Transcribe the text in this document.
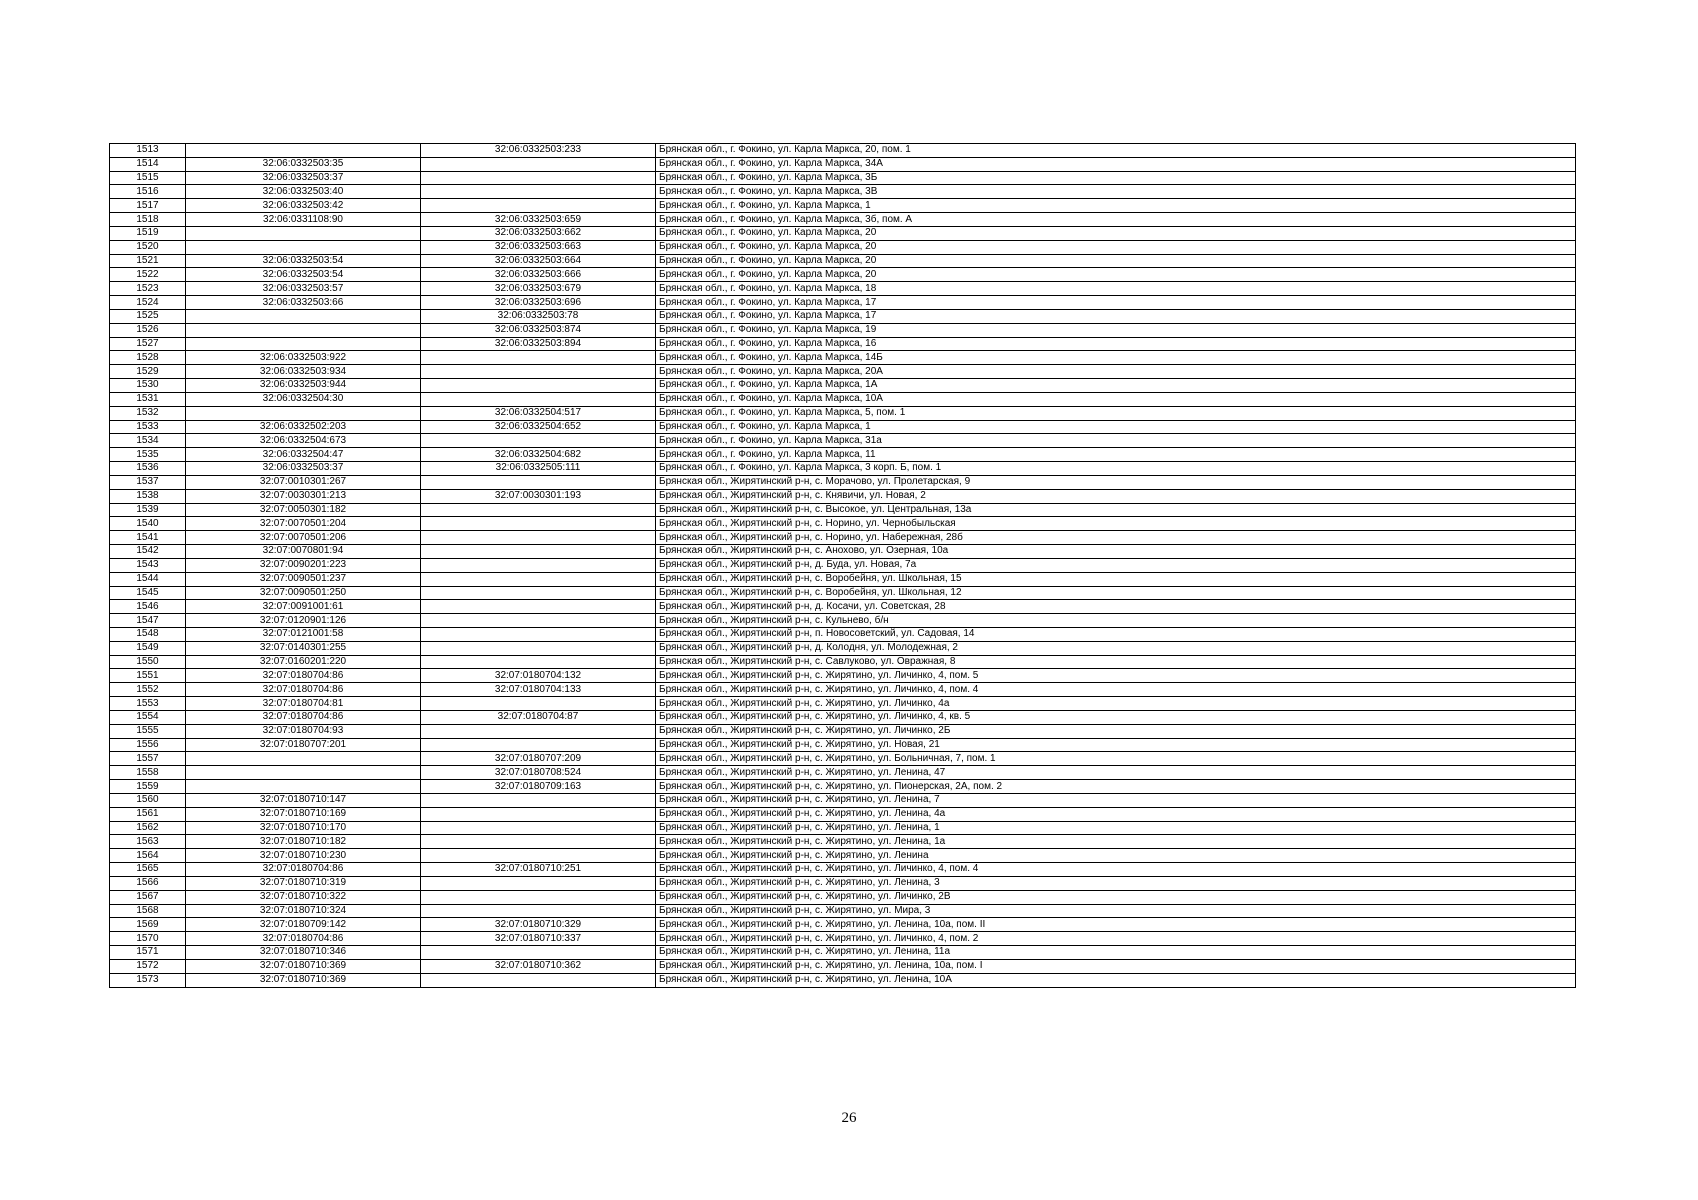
1513		32:06:0332503:233	Брянская обл., г. Фокино, ул. Карла Маркса, 20, пом. 1
1514	32:06:0332503:35		Брянская обл., г. Фокино, ул. Карла Маркса, 34А
1515	32:06:0332503:37		Брянская обл., г. Фокино, ул. Карла Маркса, 3Б
1516	32:06:0332503:40		Брянская обл., г. Фокино, ул. Карла Маркса, 3В
1517	32:06:0332503:42		Брянская обл., г. Фокино, ул. Карла Маркса, 1
1518	32:06:0331108:90	32:06:0332503:659	Брянская обл., г. Фокино, ул. Карла Маркса, 3б, пом. А
1519		32:06:0332503:662	Брянская обл., г. Фокино, ул. Карла Маркса, 20
1520		32:06:0332503:663	Брянская обл., г. Фокино, ул. Карла Маркса, 20
1521	32:06:0332503:54	32:06:0332503:664	Брянская обл., г. Фокино, ул. Карла Маркса, 20
1522	32:06:0332503:54	32:06:0332503:666	Брянская обл., г. Фокино, ул. Карла Маркса, 20
1523	32:06:0332503:57	32:06:0332503:679	Брянская обл., г. Фокино, ул. Карла Маркса, 18
1524	32:06:0332503:66	32:06:0332503:696	Брянская обл., г. Фокино, ул. Карла Маркса, 17
1525		32:06:0332503:78	Брянская обл., г. Фокино, ул. Карла Маркса, 17
1526		32:06:0332503:874	Брянская обл., г. Фокино, ул. Карла Маркса, 19
1527		32:06:0332503:894	Брянская обл., г. Фокино, ул. Карла Маркса, 16
1528	32:06:0332503:922		Брянская обл., г. Фокино, ул. Карла Маркса, 14Б
1529	32:06:0332503:934		Брянская обл., г. Фокино, ул. Карла Маркса, 20А
1530	32:06:0332503:944		Брянская обл., г. Фокино, ул. Карла Маркса, 1А
1531	32:06:0332504:30		Брянская обл., г. Фокино, ул. Карла Маркса, 10А
1532		32:06:0332504:517	Брянская обл., г. Фокино, ул. Карла Маркса, 5, пом. 1
1533	32:06:0332502:203	32:06:0332504:652	Брянская обл., г. Фокино, ул. Карла Маркса, 1
1534	32:06:0332504:673		Брянская обл., г. Фокино, ул. Карла Маркса, 31а
1535	32:06:0332504:47	32:06:0332504:682	Брянская обл., г. Фокино, ул. Карла Маркса, 11
1536	32:06:0332503:37	32:06:0332505:111	Брянская обл., г. Фокино, ул. Карла Маркса, 3 корп. Б, пом. 1
1537	32:07:0010301:267		Брянская обл., Жирятинский р-н, с. Морачово, ул. Пролетарская, 9
1538	32:07:0030301:213	32:07:0030301:193	Брянская обл., Жирятинский р-н, с. Княвичи, ул. Новая, 2
1539	32:07:0050301:182		Брянская обл., Жирятинский р-н, с. Высокое, ул. Центральная, 13а
1540	32:07:0070501:204		Брянская обл., Жирятинский р-н, с. Норино, ул. Чернобыльская
1541	32:07:0070501:206		Брянская обл., Жирятинский р-н, с. Норино, ул. Набережная, 28б
1542	32:07:0070801:94		Брянская обл., Жирятинский р-н, с. Анохово, ул. Озерная, 10а
1543	32:07:0090201:223		Брянская обл., Жирятинский р-н, д. Буда, ул. Новая, 7а
1544	32:07:0090501:237		Брянская обл., Жирятинский р-н, с. Воробейня, ул. Школьная, 15
1545	32:07:0090501:250		Брянская обл., Жирятинский р-н, с. Воробейня, ул. Школьная, 12
1546	32:07:0091001:61		Брянская обл., Жирятинский р-н, д. Косачи, ул. Советская, 28
1547	32:07:0120901:126		Брянская обл., Жирятинский р-н, с. Кульнево, б/н
1548	32:07:0121001:58		Брянская обл., Жирятинский р-н, п. Новосоветский, ул. Садовая, 14
1549	32:07:0140301:255		Брянская обл., Жирятинский р-н, д. Колодня, ул. Молодежная, 2
1550	32:07:0160201:220		Брянская обл., Жирятинский р-н, с. Савлуково, ул. Овражная, 8
1551	32:07:0180704:86	32:07:0180704:132	Брянская обл., Жирятинский р-н, с. Жирятино, ул. Личинко, 4, пом. 5
1552	32:07:0180704:86	32:07:0180704:133	Брянская обл., Жирятинский р-н, с. Жирятино, ул. Личинко, 4, пом. 4
1553	32:07:0180704:81		Брянская обл., Жирятинский р-н, с. Жирятино, ул. Личинко, 4а
1554	32:07:0180704:86	32:07:0180704:87	Брянская обл., Жирятинский р-н, с. Жирятино, ул. Личинко, 4, кв. 5
1555	32:07:0180704:93		Брянская обл., Жирятинский р-н, с. Жирятино, ул. Личинко, 2Б
1556	32:07:0180707:201		Брянская обл., Жирятинский р-н, с. Жирятино, ул. Новая, 21
1557		32:07:0180707:209	Брянская обл., Жирятинский р-н, с. Жирятино, ул. Больничная, 7, пом. 1
1558		32:07:0180708:524	Брянская обл., Жирятинский р-н, с. Жирятино, ул. Ленина, 47
1559		32:07:0180709:163	Брянская обл., Жирятинский р-н, с. Жирятино, ул. Пионерская, 2А, пом. 2
1560	32:07:0180710:147		Брянская обл., Жирятинский р-н, с. Жирятино, ул. Ленина, 7
1561	32:07:0180710:169		Брянская обл., Жирятинский р-н, с. Жирятино, ул. Ленина, 4а
1562	32:07:0180710:170		Брянская обл., Жирятинский р-н, с. Жирятино, ул. Ленина, 1
1563	32:07:0180710:182		Брянская обл., Жирятинский р-н, с. Жирятино, ул. Ленина, 1а
1564	32:07:0180710:230		Брянская обл., Жирятинский р-н, с. Жирятино, ул. Ленина
1565	32:07:0180704:86	32:07:0180710:251	Брянская обл., Жирятинский р-н, с. Жирятино, ул. Личинко, 4, пом. 4
1566	32:07:0180710:319		Брянская обл., Жирятинский р-н, с. Жирятино, ул. Ленина, 3
1567	32:07:0180710:322		Брянская обл., Жирятинский р-н, с. Жирятино, ул. Личинко, 2В
1568	32:07:0180710:324		Брянская обл., Жирятинский р-н, с. Жирятино, ул. Мира, 3
1569	32:07:0180709:142	32:07:0180710:329	Брянская обл., Жирятинский р-н, с. Жирятино, ул. Ленина, 10а, пом. II
1570	32:07:0180704:86	32:07:0180710:337	Брянская обл., Жирятинский р-н, с. Жирятино, ул. Личинко, 4, пом. 2
1571	32:07:0180710:346		Брянская обл., Жирятинский р-н, с. Жирятино, ул. Ленина, 11а
1572	32:07:0180710:369	32:07:0180710:362	Брянская обл., Жирятинский р-н, с. Жирятино, ул. Ленина, 10а, пом. I
1573	32:07:0180710:369		Брянская обл., Жирятинский р-н, с. Жирятино, ул. Ленина, 10А
26
